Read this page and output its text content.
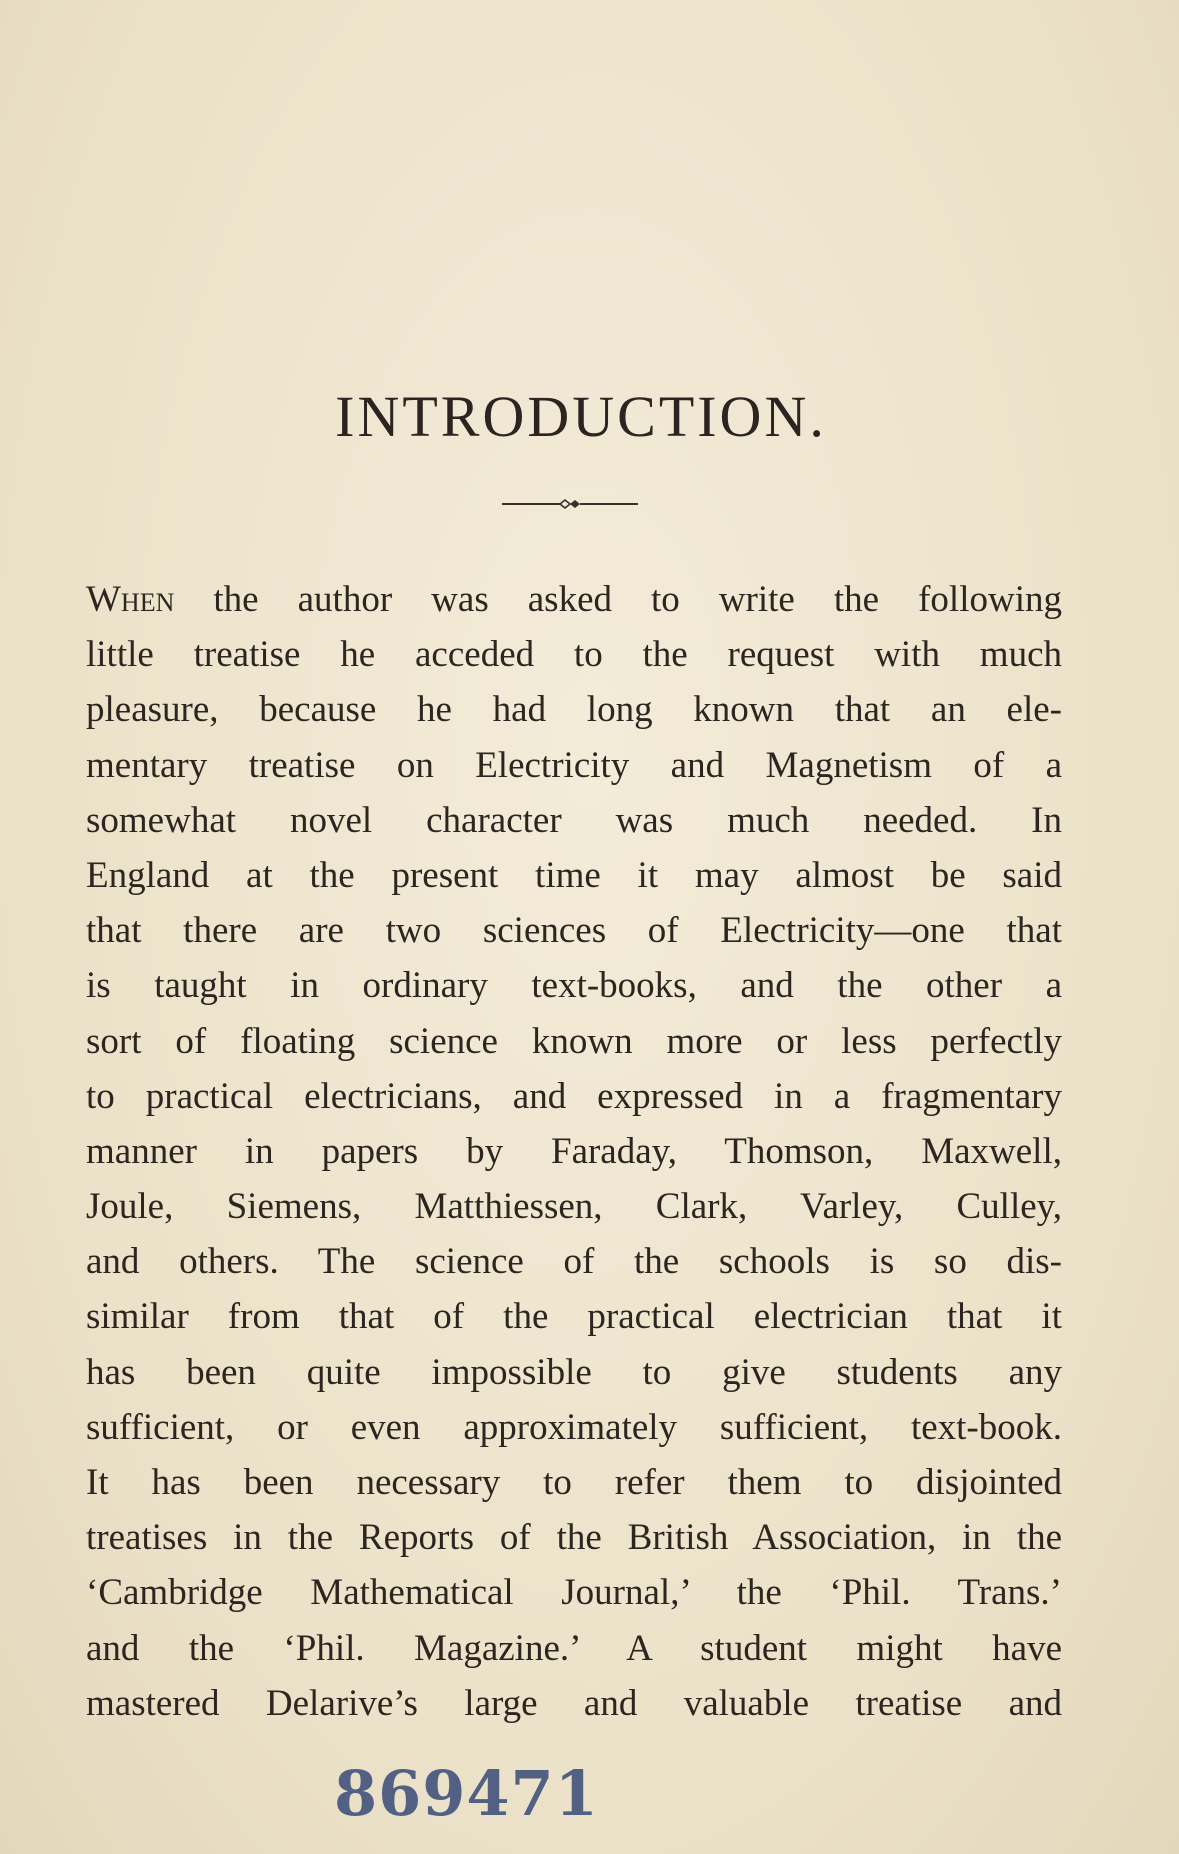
INTRODUCTION.
When the author was asked to write the following
little treatise he acceded to the request with much
pleasure, because he had long known that an ele-
mentary treatise on Electricity and Magnetism of a
somewhat novel character was much needed. In
England at the present time it may almost be said
that there are two sciences of Electricity—one that
is taught in ordinary text-books, and the other a
sort of floating science known more or less perfectly
to practical electricians, and expressed in a fragmentary
manner in papers by Faraday, Thomson, Maxwell,
Joule, Siemens, Matthiessen, Clark, Varley, Culley,
and others. The science of the schools is so dis-
similar from that of the practical electrician that it
has been quite impossible to give students any
sufficient, or even approximately sufficient, text-book.
It has been necessary to refer them to disjointed
treatises in the Reports of the British Association, in the
‘Cambridge Mathematical Journal,’ the ‘Phil. Trans.’
and the ‘Phil. Magazine.’ A student might have
mastered Delarive’s large and valuable treatise and
869471
